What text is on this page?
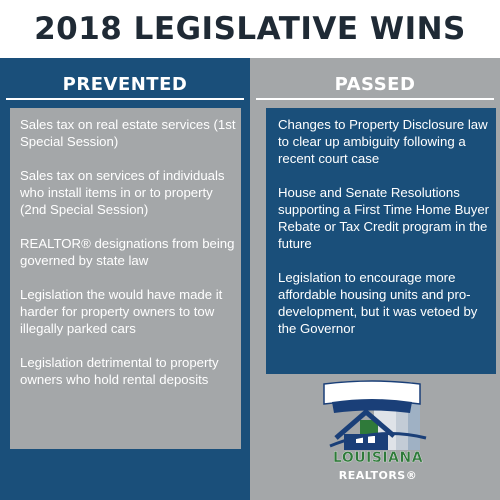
2018 LEGISLATIVE WINS
PREVENTED	PASSED
Sales tax on real estate services (1st Special Session)
Sales tax on services of individuals who install items in or to property (2nd Special Session)
REALTOR® designations from being governed by state law
Legislation the would have made it harder for property owners to tow illegally parked cars
Legislation detrimental to property owners who hold rental deposits
Changes to Property Disclosure law to clear up ambiguity following a recent court case
House and Senate Resolutions supporting a First Time Home Buyer Rebate or Tax Credit program in the future
Legislation to encourage more affordable housing units and pro-development, but it was vetoed by the Governor
LOUISIANA
REALTORS®
